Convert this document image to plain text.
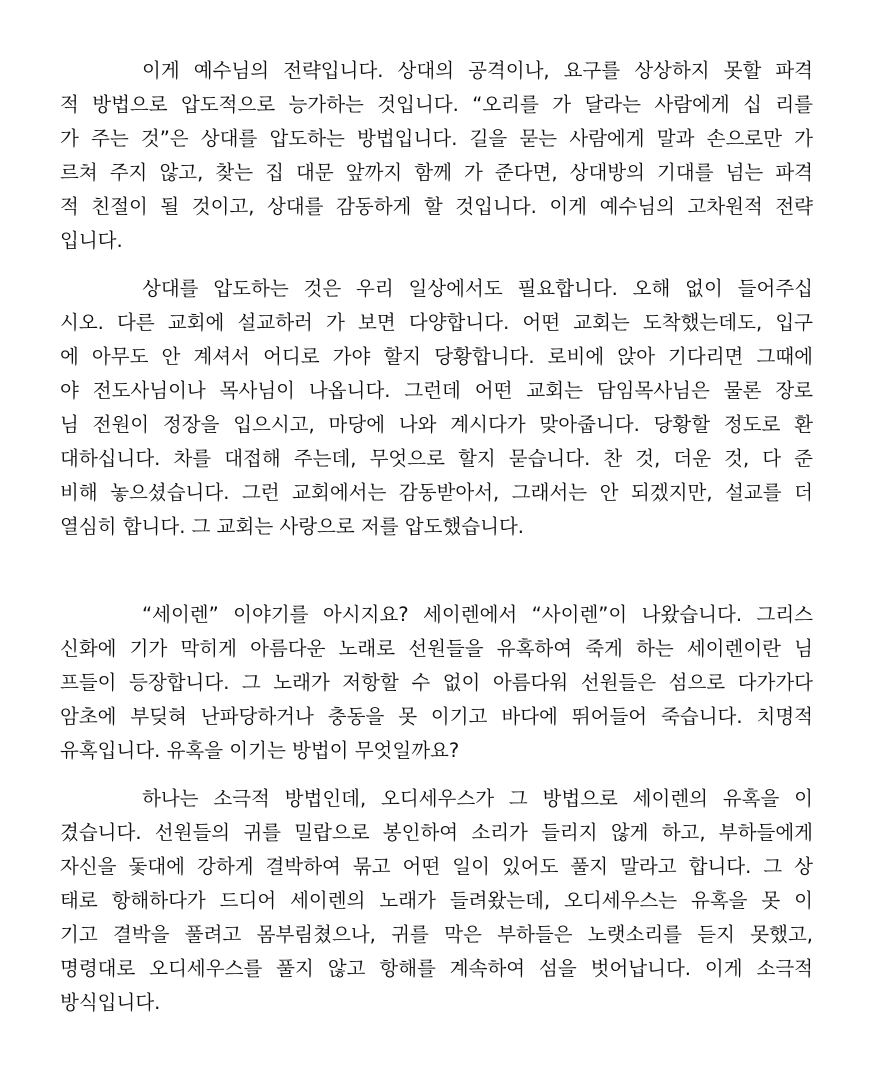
이게 예수님의 전략입니다. 상대의 공격이나, 요구를 상상하지 못할 파격
적 방법으로 압도적으로 능가하는 것입니다. “오리를 가 달라는 사람에게 십 리를
가 주는 것”은 상대를 압도하는 방법입니다. 길을 묻는 사람에게 말과 손으로만 가
르쳐 주지 않고, 찾는 집 대문 앞까지 함께 가 준다면, 상대방의 기대를 넘는 파격
적 친절이 될 것이고, 상대를 감동하게 할 것입니다. 이게 예수님의 고차원적 전략
입니다.
상대를 압도하는 것은 우리 일상에서도 필요합니다. 오해 없이 들어주십
시오. 다른 교회에 설교하러 가 보면 다양합니다. 어떤 교회는 도착했는데도, 입구
에 아무도 안 계셔서 어디로 가야 할지 당황합니다. 로비에 앉아 기다리면 그때에
야 전도사님이나 목사님이 나옵니다. 그런데 어떤 교회는 담임목사님은 물론 장로
님 전원이 정장을 입으시고, 마당에 나와 계시다가 맞아줍니다. 당황할 정도로 환
대하십니다. 차를 대접해 주는데, 무엇으로 할지 묻습니다. 찬 것, 더운 것, 다 준
비해 놓으셨습니다. 그런 교회에서는 감동받아서, 그래서는 안 되겠지만, 설교를 더
열심히 합니다. 그 교회는 사랑으로 저를 압도했습니다.
“세이렌” 이야기를 아시지요? 세이렌에서 “사이렌”이 나왔습니다. 그리스
신화에 기가 막히게 아름다운 노래로 선원들을 유혹하여 죽게 하는 세이렌이란 님
프들이 등장합니다. 그 노래가 저항할 수 없이 아름다워 선원들은 섬으로 다가가다
암초에 부딪혀 난파당하거나 충동을 못 이기고 바다에 뛰어들어 죽습니다. 치명적
유혹입니다. 유혹을 이기는 방법이 무엇일까요?
하나는 소극적 방법인데, 오디세우스가 그 방법으로 세이렌의 유혹을 이
겼습니다. 선원들의 귀를 밀랍으로 봉인하여 소리가 들리지 않게 하고, 부하들에게
자신을 돛대에 강하게 결박하여 묶고 어떤 일이 있어도 풀지 말라고 합니다. 그 상
태로 항해하다가 드디어 세이렌의 노래가 들려왔는데, 오디세우스는 유혹을 못 이
기고 결박을 풀려고 몸부림쳤으나, 귀를 막은 부하들은 노랫소리를 듣지 못했고,
명령대로 오디세우스를 풀지 않고 항해를 계속하여 섬을 벗어납니다. 이게 소극적
방식입니다.
